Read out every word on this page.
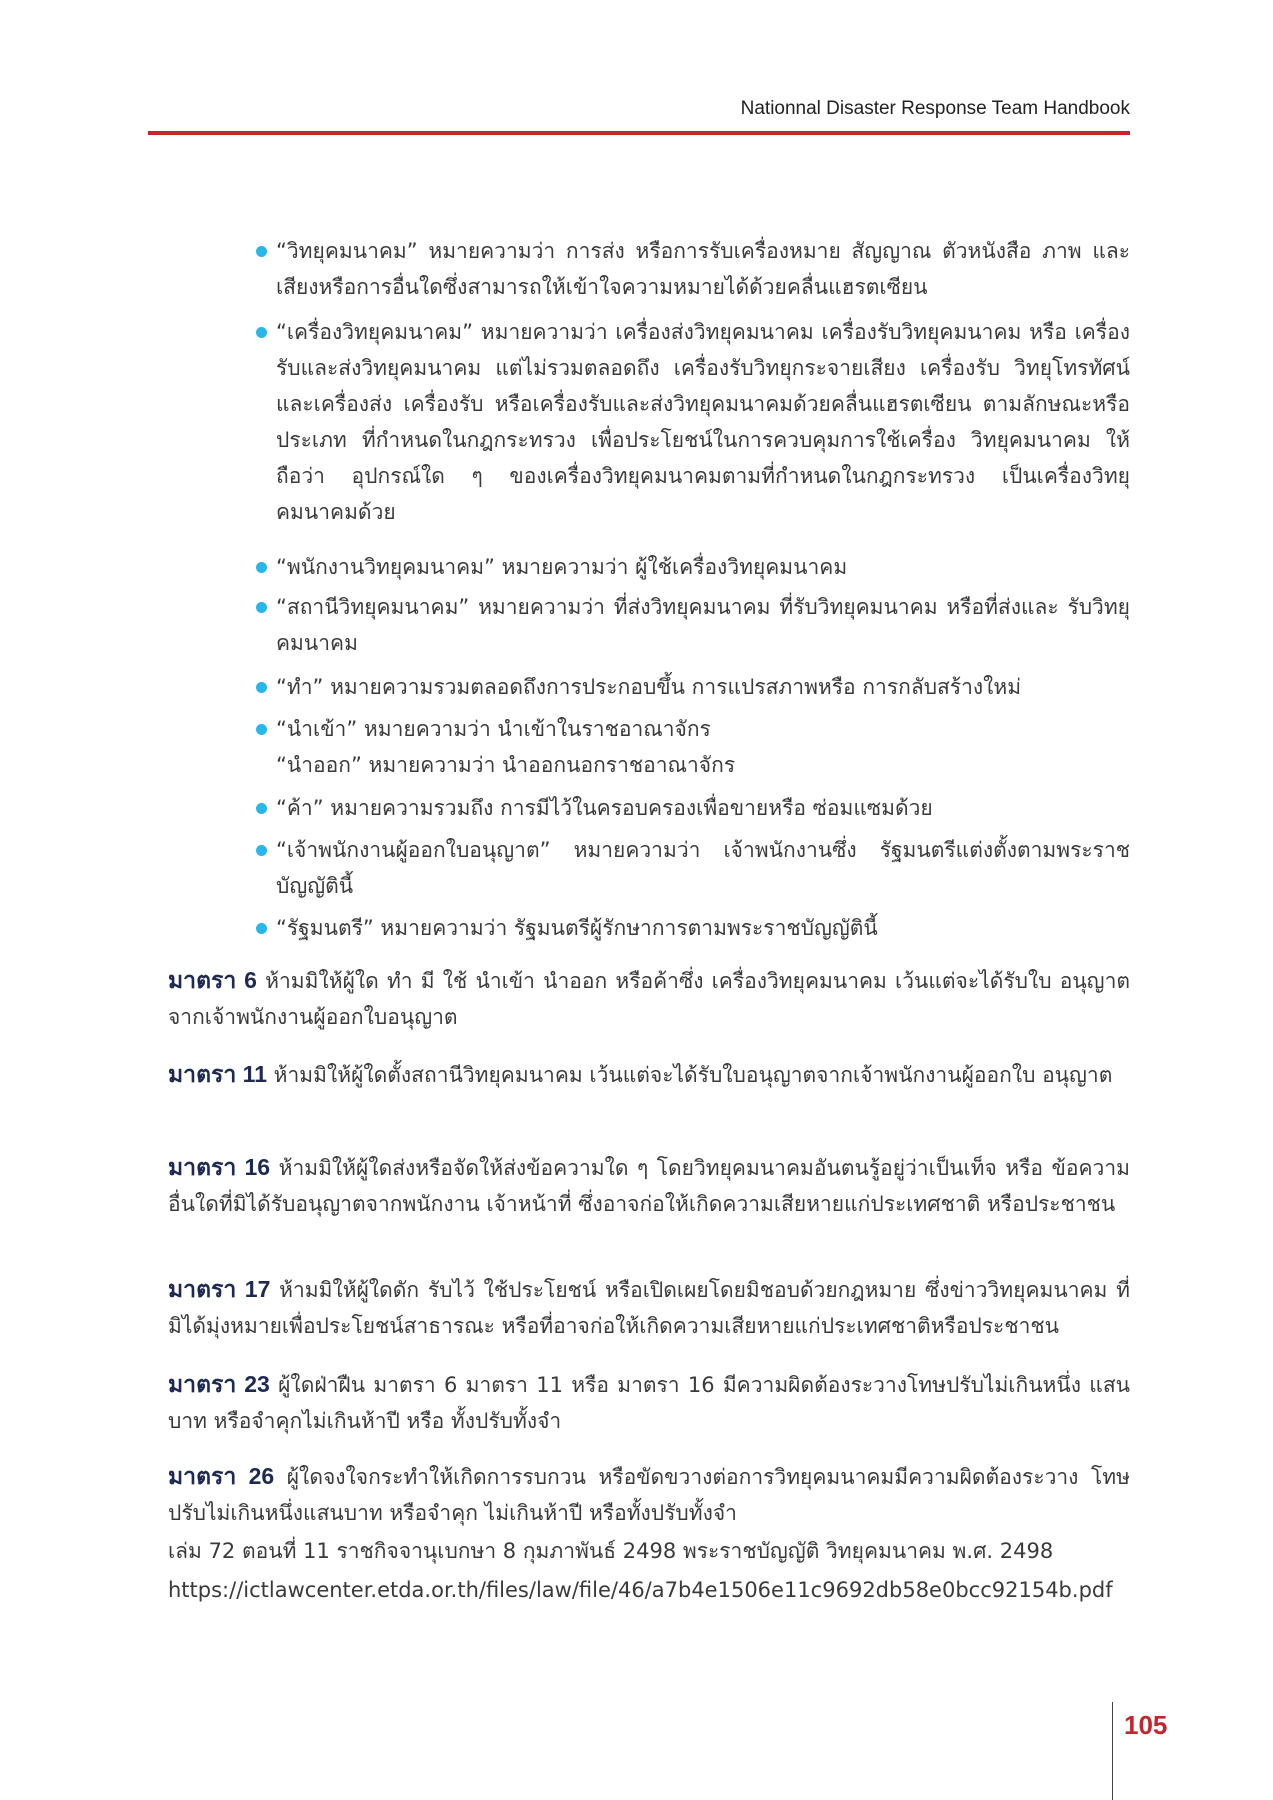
Nationnal Disaster Response Team Handbook
“วิทยุคมนาคม” หมายความว่า การส่ง หรือการรับเครื่องหมาย สัญญาณ ตัวหนังสือ ภาพ และเสียงหรือการอื่นใดซึ่งสามารถให้เข้าใจความหมายได้ด้วยคลื่นแฮรตเซียน
“เครื่องวิทยุคมนาคม” หมายความว่า เครื่องส่งวิทยุคมนาคม เครื่องรับวิทยุคมนาคม หรือ เครื่องรับและส่งวิทยุคมนาคม แต่ไม่รวมตลอดถึง เครื่องรับวิทยุกระจายเสียง เครื่องรับ วิทยุโทรทัศน์ และเครื่องส่ง เครื่องรับ หรือเครื่องรับและส่งวิทยุคมนาคมด้วยคลื่นแฮรตเซียน ตามลักษณะหรือประเภท ที่กำหนดในกฎกระทรวง เพื่อประโยชน์ในการควบคุมการใช้เครื่อง วิทยุคมนาคม ให้ถือว่า อุปกรณ์ใด ๆ ของเครื่องวิทยุคมนาคมตามที่กำหนดในกฎกระทรวง เป็นเครื่องวิทยุคมนาคมด้วย
“พนักงานวิทยุคมนาคม” หมายความว่า ผู้ใช้เครื่องวิทยุคมนาคม
“สถานีวิทยุคมนาคม” หมายความว่า ที่ส่งวิทยุคมนาคม ที่รับวิทยุคมนาคม หรือที่ส่งและ รับวิทยุคมนาคม
“ทำ” หมายความรวมตลอดถึงการประกอบขึ้น การแปรสภาพหรือ การกลับสร้างใหม่
“นำเข้า” หมายความว่า นำเข้าในราชอาณาจักร
“นำออก” หมายความว่า นำออกนอกราชอาณาจักร
“ค้า” หมายความรวมถึง การมีไว้ในครอบครองเพื่อขายหรือ ซ่อมแซมด้วย
“เจ้าพนักงานผู้ออกใบอนุญาต” หมายความว่า เจ้าพนักงานซึ่ง รัฐมนตรีแต่งตั้งตามพระราช บัญญัตินี้
“รัฐมนตรี” หมายความว่า รัฐมนตรีผู้รักษาการตามพระราชบัญญัตินี้
มาตรา 6 ห้ามมิให้ผู้ใด ทำ มี ใช้ นำเข้า นำออก หรือค้าซึ่ง เครื่องวิทยุคมนาคม เว้นแต่จะได้รับใบ อนุญาตจากเจ้าพนักงานผู้ออกใบอนุญาต
มาตรา 11 ห้ามมิให้ผู้ใดตั้งสถานีวิทยุคมนาคม เว้นแต่จะได้รับใบอนุญาตจากเจ้าพนักงานผู้ออกใบ อนุญาต
มาตรา 16 ห้ามมิให้ผู้ใดส่งหรือจัดให้ส่งข้อความใด ๆ โดยวิทยุคมนาคมอันตนรู้อยู่ว่าเป็นเท็จ หรือ ข้อความอื่นใดที่มิได้รับอนุญาตจากพนักงาน เจ้าหน้าที่ ซึ่งอาจก่อให้เกิดความเสียหายแก่ประเทศชาติ หรือประชาชน
มาตรา 17 ห้ามมิให้ผู้ใดดัก รับไว้ ใช้ประโยชน์ หรือเปิดเผยโดยมิชอบด้วยกฎหมาย ซึ่งข่าววิทยุคมนาคม ที่มิได้มุ่งหมายเพื่อประโยชน์สาธารณะ หรือที่อาจก่อให้เกิดความเสียหายแก่ประเทศชาติหรือประชาชน
มาตรา 23 ผู้ใดฝ่าฝืน มาตรา 6 มาตรา 11 หรือ มาตรา 16 มีความผิดต้องระวางโทษปรับไม่เกินหนึ่ง แสนบาท หรือจำคุกไม่เกินห้าปี หรือ ทั้งปรับทั้งจำ
มาตรา 26 ผู้ใดจงใจกระทำให้เกิดการรบกวน หรือขัดขวางต่อการวิทยุคมนาคมมีความผิดต้องระวาง โทษปรับไม่เกินหนึ่งแสนบาท หรือจำคุก ไม่เกินห้าปี หรือทั้งปรับทั้งจำ
เล่ม 72 ตอนที่ 11 ราชกิจจานุเบกษา 8 กุมภาพันธ์ 2498 พระราชบัญญัติ วิทยุคมนาคม พ.ศ. 2498
https://ictlawcenter.etda.or.th/files/law/file/46/a7b4e1506e11c9692db58e0bcc92154b.pdf
105
